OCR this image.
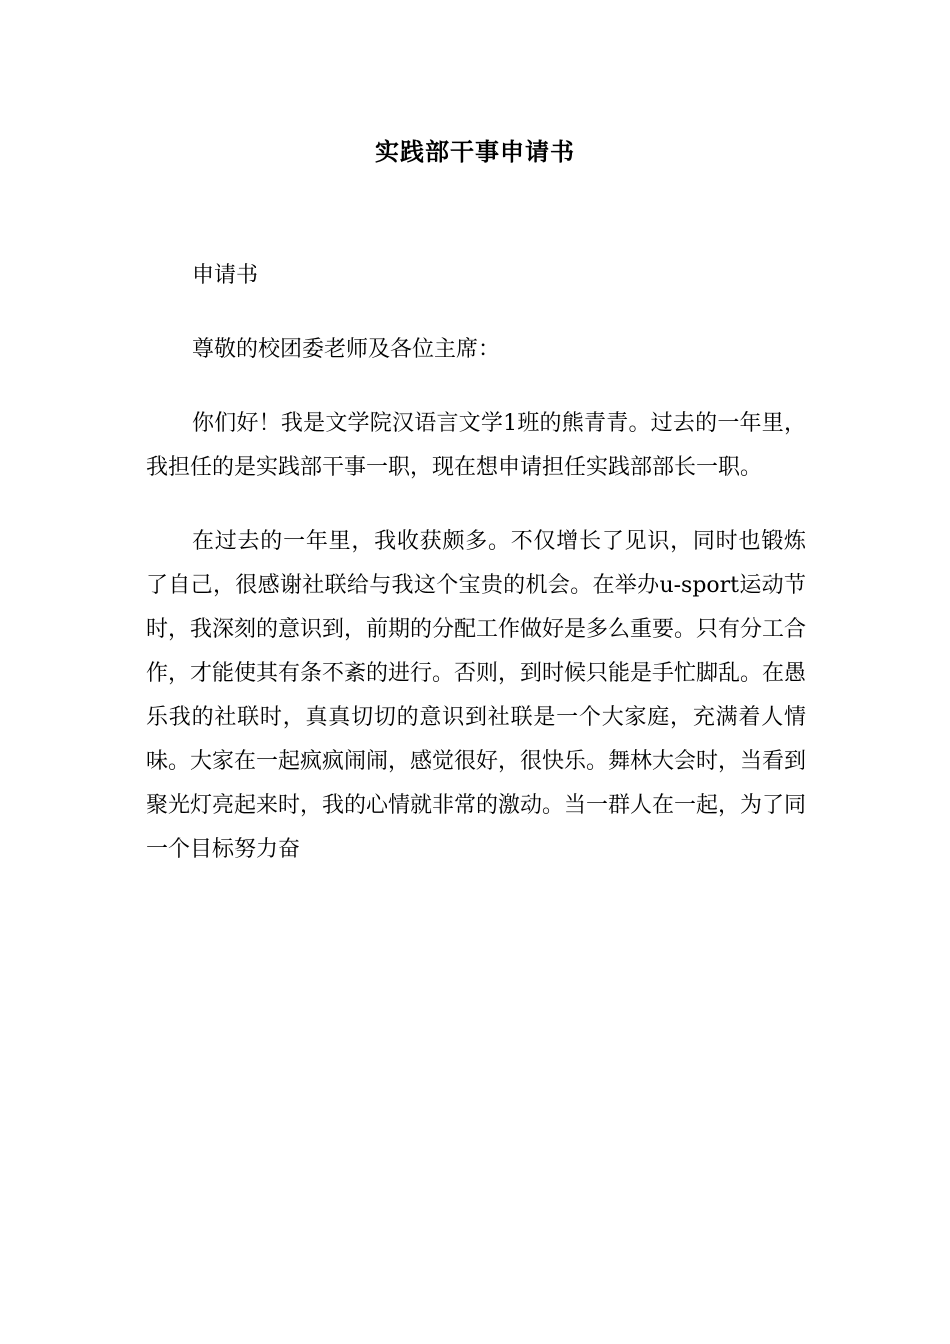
实践部干事申请书

申请书

尊敬的校团委老师及各位主席：

你们好！我是文学院汉语言文学1班的熊青青。过去的一年里，我担任的是实践部干事一职，现在想申请担任实践部部长一职。

在过去的一年里，我收获颇多。不仅增长了见识，同时也锻炼了自己，很感谢社联给与我这个宝贵的机会。在举办u-sport运动节时，我深刻的意识到，前期的分配工作做好是多么重要。只有分工合作，才能使其有条不紊的进行。否则，到时候只能是手忙脚乱。在愚乐我的社联时，真真切切的意识到社联是一个大家庭，充满着人情味。大家在一起疯疯闹闹，感觉很好，很快乐。舞林大会时，当看到聚光灯亮起来时，我的心情就非常的激动。当一群人在一起，为了同一个目标努力奋
